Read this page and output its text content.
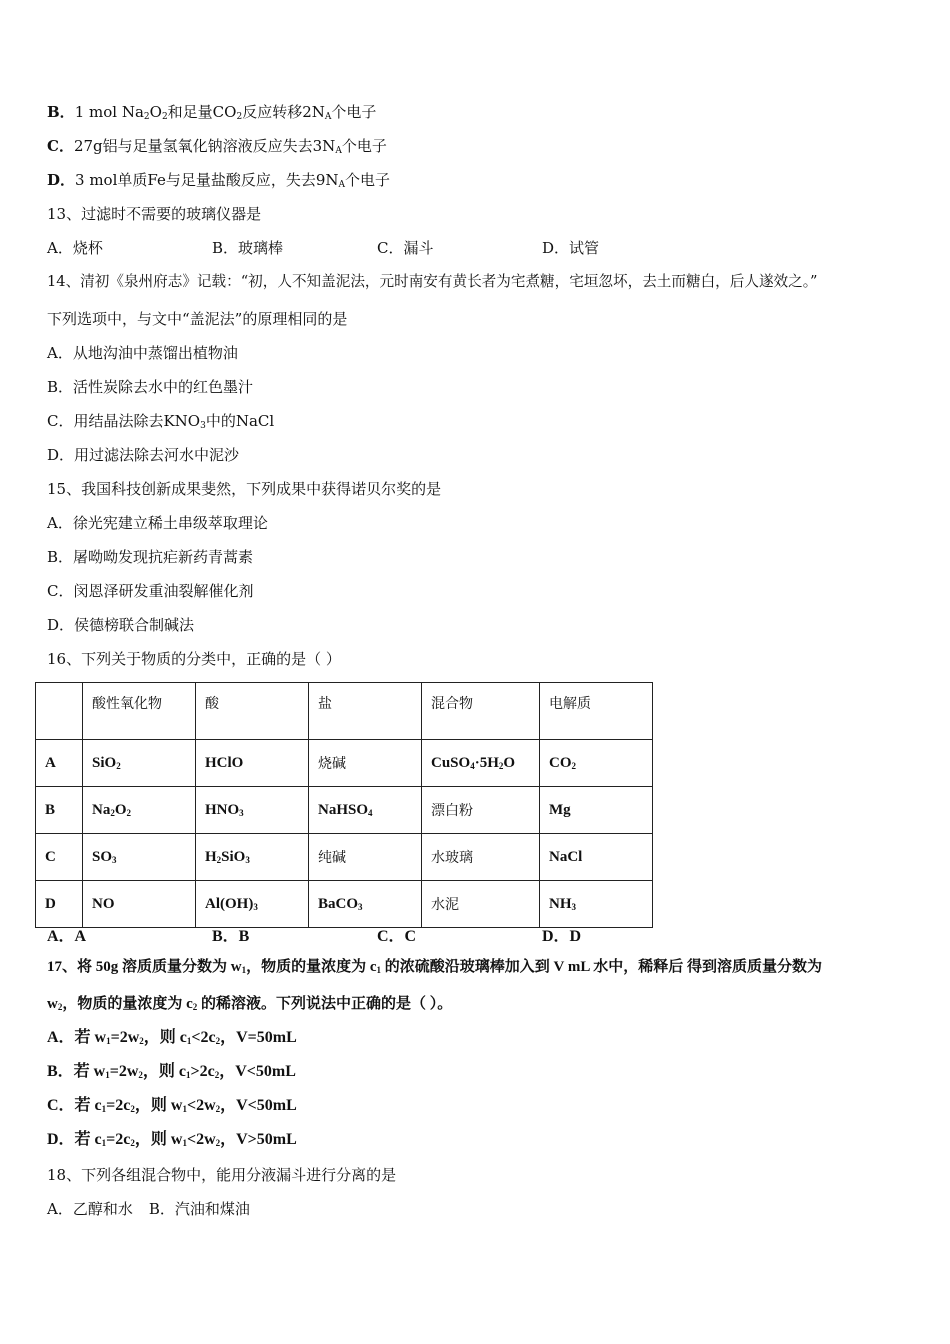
B．1 mol $Na_2O_2$和足量$CO_2$反应转移$2N_A$个电子
C．27g铝与足量氢氧化钠溶液反应失去$3N_A$个电子
D．3 mol单质Fe与足量盐酸反应，失去$9N_A$个电子
13、过滤时不需要的玻璃仪器是
A．烧杯	B．玻璃棒	C．漏斗	D．试管
14、清初《泉州府志》记载：“初，人不知盖泥法，元时南安有黄长者为宅煮糖，宅垣忽坏，去土而糖白，后人遂效之。”
下列选项中，与文中“盖泥法”的原理相同的是
A．从地沟油中蒸馏出植物油
B．活性炭除去水中的红色墨汁
C．用结晶法除去$KNO_3$中的NaCl
D．用过滤法除去河水中泥沙
15、我国科技创新成果斐然，下列成果中获得诺贝尔奖的是
A．徐光宪建立稀土串级萃取理论
B．屠呦呦发现抗疟新药青蒿素
C．闵恩泽研发重油裂解催化剂
D．侯德榜联合制碱法
16、下列关于物质的分类中，正确的是（ ）
	酸性氧化物	酸	盐	混合物	电解质
A	SiO$_2$	HClO	烧碱	$CuSO_4\cdot 5H_2O$	$CO_2$
B	$Na_2O_2$	$HNO_3$	NaHSO$_4$	漂白粉	Mg
C	$SO_3$	$H_2SiO_3$	纯碱	水玻璃	NaCl
D	NO	$Al(OH)_3$	BaCO$_3$	水泥	$NH_3$
A．A	B．B	C．C	D．D
17、将 50g 溶质质量分数为 $w_1$，物质的量浓度为 $c_1$ 的浓硫酸沿玻璃棒加入到 V mL 水中，稀释后 得到溶质质量分数为
$w_2$，物质的量浓度为 $c_2$ 的稀溶液。下列说法中正确的是（ ）。
A．若 $w_1=2w_2$，则 $c_1<2c_2$，V=50mL
B．若 $w_1=2w_2$，则 $c_1>2c_2$，V<50mL
C．若 $c_1=2c_2$，则 $w_1<2w_2$，V<50mL
D．若 $c_1=2c_2$，则 $w_1<2w_2$，V>50mL
18、下列各组混合物中，能用分液漏斗进行分离的是
A．乙醇和水 B．汽油和煤油
